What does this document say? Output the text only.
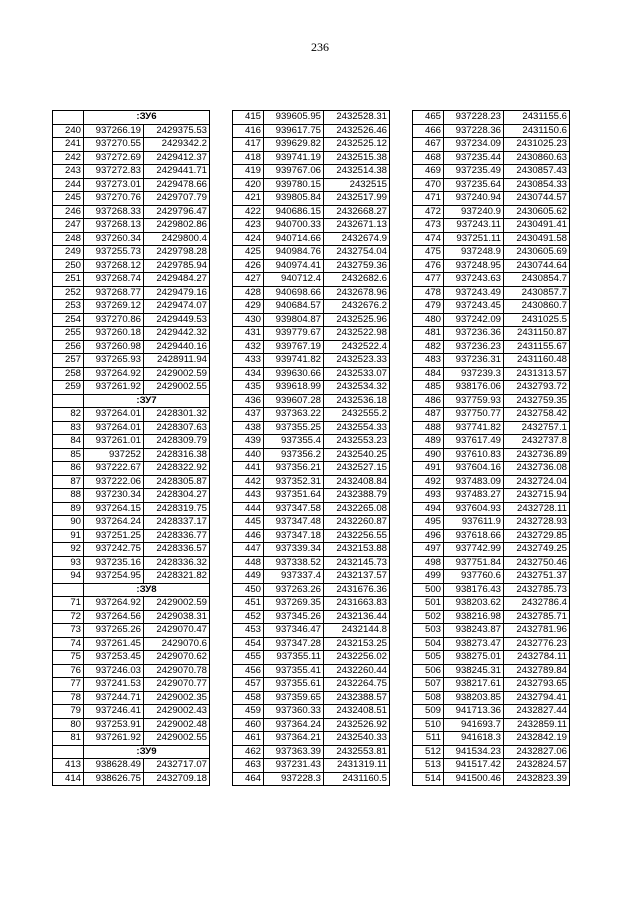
236
	:ЗУ6	
240	937266.19	2429375.53
241	937270.55	2429342.2
242	937272.69	2429412.37
243	937272.83	2429441.71
244	937273.01	2429478.66
245	937270.76	2429707.79
246	937268.33	2429796.47
247	937268.13	2429802.86
248	937260.34	2429800.4
249	937255.73	2429798.28
250	937268.12	2429785.94
251	937268.74	2429484.27
252	937268.77	2429479.16
253	937269.12	2429474.07
254	937270.86	2429449.53
255	937260.18	2429442.32
256	937260.98	2429440.16
257	937265.93	2428911.94
258	937264.92	2429002.59
259	937261.92	2429002.55
	:ЗУ7	
82	937264.01	2428301.32
83	937264.01	2428307.63
84	937261.01	2428309.79
85	937252	2428316.38
86	937222.67	2428322.92
87	937222.06	2428305.87
88	937230.34	2428304.27
89	937264.15	2428319.75
90	937264.24	2428337.17
91	937251.25	2428336.77
92	937242.75	2428336.57
93	937235.16	2428336.32
94	937254.95	2428321.82
	:ЗУ8	
71	937264.92	2429002.59
72	937264.56	2429038.31
73	937265.26	2429070.47
74	937261.45	2429070.6
75	937253.45	2429070.62
76	937246.03	2429070.78
77	937241.53	2429070.77
78	937244.71	2429002.35
79	937246.41	2429002.43
80	937253.91	2429002.48
81	937261.92	2429002.55
	:ЗУ9	
413	938628.49	2432717.07
414	938626.75	2432709.18
415	939605.95	2432528.31
416	939617.75	2432526.46
417	939629.82	2432525.12
418	939741.19	2432515.38
419	939767.06	2432514.38
420	939780.15	2432515
421	939805.84	2432517.99
422	940686.15	2432668.27
423	940700.33	2432671.13
424	940714.66	2432674.9
425	940984.76	2432754.04
426	940974.41	2432759.36
427	940712.4	2432682.6
428	940698.66	2432678.96
429	940684.57	2432676.2
430	939804.87	2432525.96
431	939779.67	2432522.98
432	939767.19	2432522.4
433	939741.82	2432523.33
434	939630.66	2432533.07
435	939618.99	2432534.32
436	939607.28	2432536.18
437	937363.22	2432555.2
438	937355.25	2432554.33
439	937355.4	2432553.23
440	937356.2	2432540.25
441	937356.21	2432527.15
442	937352.31	2432408.84
443	937351.64	2432388.79
444	937347.58	2432265.08
445	937347.48	2432260.87
446	937347.18	2432256.55
447	937339.34	2432153.88
448	937338.52	2432145.73
449	937337.4	2432137.57
450	937263.26	2431676.36
451	937269.35	2431663.83
452	937345.26	2432136.44
453	937346.47	2432144.8
454	937347.28	2432153.25
455	937355.11	2432256.02
456	937355.41	2432260.44
457	937355.61	2432264.75
458	937359.65	2432388.57
459	937360.33	2432408.51
460	937364.24	2432526.92
461	937364.21	2432540.33
462	937363.39	2432553.81
463	937231.43	2431319.11
464	937228.3	2431160.5
465	937228.23	2431155.6
466	937228.36	2431150.6
467	937234.09	2431025.23
468	937235.44	2430860.63
469	937235.49	2430857.43
470	937235.64	2430854.33
471	937240.94	2430744.57
472	937240.9	2430605.62
473	937243.11	2430491.41
474	937251.11	2430491.58
475	937248.9	2430605.69
476	937248.95	2430744.64
477	937243.63	2430854.7
478	937243.49	2430857.7
479	937243.45	2430860.7
480	937242.09	2431025.5
481	937236.36	2431150.87
482	937236.23	2431155.67
483	937236.31	2431160.48
484	937239.3	2431313.57
485	938176.06	2432793.72
486	937759.93	2432759.35
487	937750.77	2432758.42
488	937741.82	2432757.1
489	937617.49	2432737.8
490	937610.83	2432736.89
491	937604.16	2432736.08
492	937483.09	2432724.04
493	937483.27	2432715.94
494	937604.93	2432728.11
495	937611.9	2432728.93
496	937618.66	2432729.85
497	937742.99	2432749.25
498	937751.84	2432750.46
499	937760.6	2432751.37
500	938176.43	2432785.73
501	938203.62	2432786.4
502	938216.98	2432785.71
503	938243.87	2432781.96
504	938273.47	2432776.23
505	938275.01	2432784.11
506	938245.31	2432789.84
507	938217.61	2432793.65
508	938203.85	2432794.41
509	941713.36	2432827.44
510	941693.7	2432859.11
511	941618.3	2432842.19
512	941534.23	2432827.06
513	941517.42	2432824.57
514	941500.46	2432823.39
